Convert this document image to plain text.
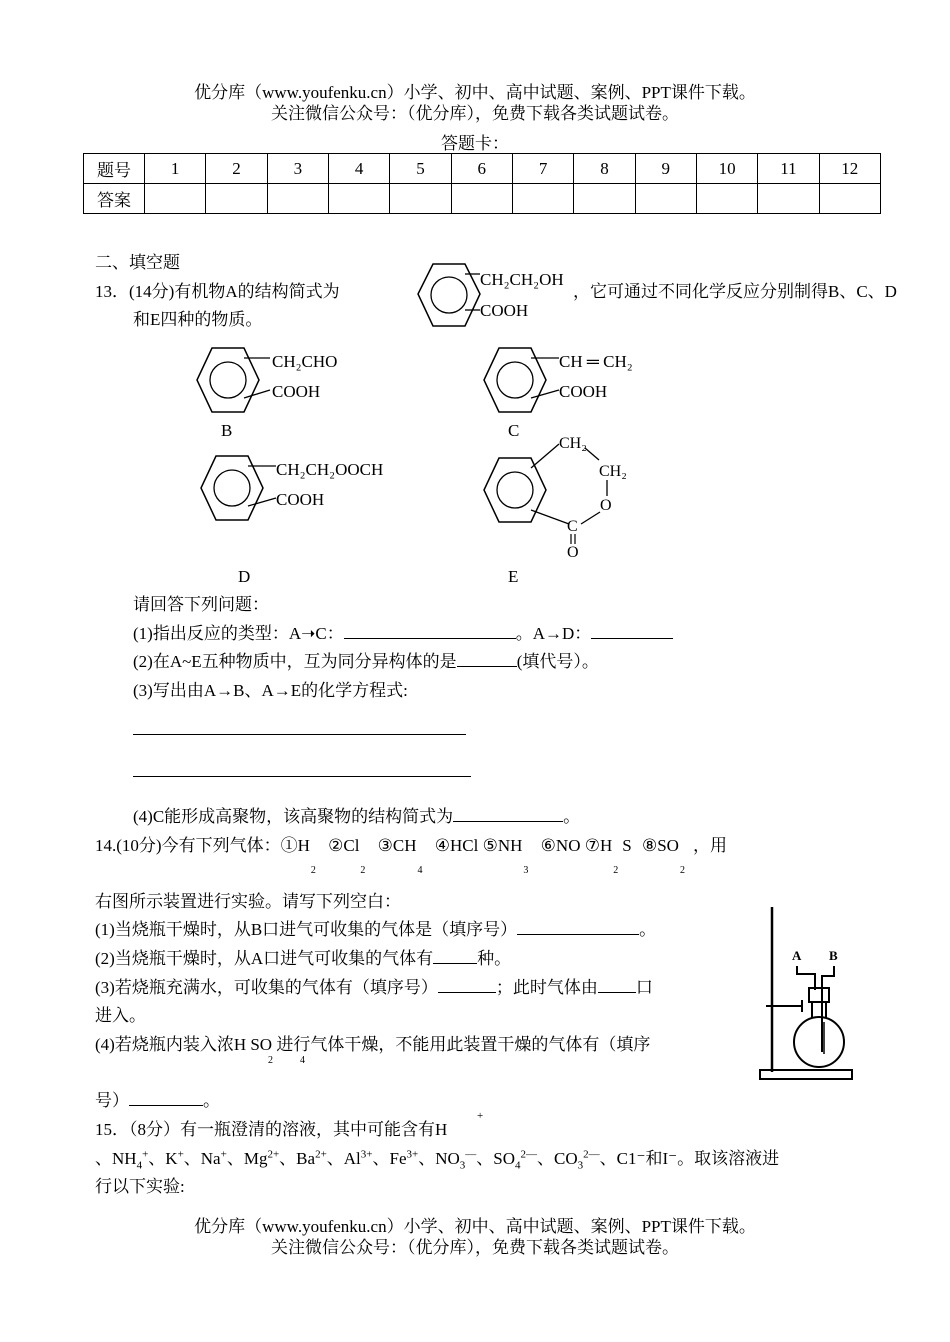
优分库（www.youfenku.cn）小学、初中、高中试题、案例、PPT课件下载。
关注微信公众号：（优分库），免费下载各类试题试卷。
答题卡：
题号	1	2	3	4	5	6	7	8	9	10	11	12
答案												
二、填空题
13．(14分)有机物A的结构简式为	，它可通过不同化学反应分别制得B、C、D
和E四种的物质。
CH₂CH₂OH
COOH
CH₂CHO
COOH
B
CH ═ CH₂
COOH
C
CH₂CH₂OOCH
COOH
D
CH₂
CH₂
O
C
O
E
请回答下列问题：
(1)指出反应的类型：A➝C：	。A→D：
(2)在A~E五种物质中，互为同分异构体的是	(填代号）。
(3)写出由A→B、A→E的化学方程式:
(4)C能形成高聚物，该高聚物的结构简式为	。
14.(10分)今有下列气体：①H2 ②Cl2 ③CH4 ④HCl ⑤NH3 ⑥NO ⑦H2S ⑧SO2，用
右图所示装置进行实验。请写下列空白：
(1)当烧瓶干燥时，从B口进气可收集的气体是（填序号）	。
(2)当烧瓶干燥时，从A口进气可收集的气体有	种。
(3)若烧瓶充满水，可收集的气体有（填序号）	；此时气体由 口
进入。
(4)若烧瓶内装入浓H SO 进行气体干燥，不能用此装置干燥的气体有（填序
2	4
号）	。
A B
15．（8分）有一瓶澄清的溶液，其中可能含有H
+
、$NH_4^+$、K+、Na+、$Mg^{2+}$、$Ba^{2+}$、$Al^{3+}$、$Fe^{3+}$、$NO_3^—$、$SO_4^{2—}$、$CO_3^{2—}$、C1⁻和I⁻。取该溶液进
行以下实验:
优分库（www.youfenku.cn）小学、初中、高中试题、案例、PPT课件下载。
关注微信公众号：（优分库），免费下载各类试题试卷。
